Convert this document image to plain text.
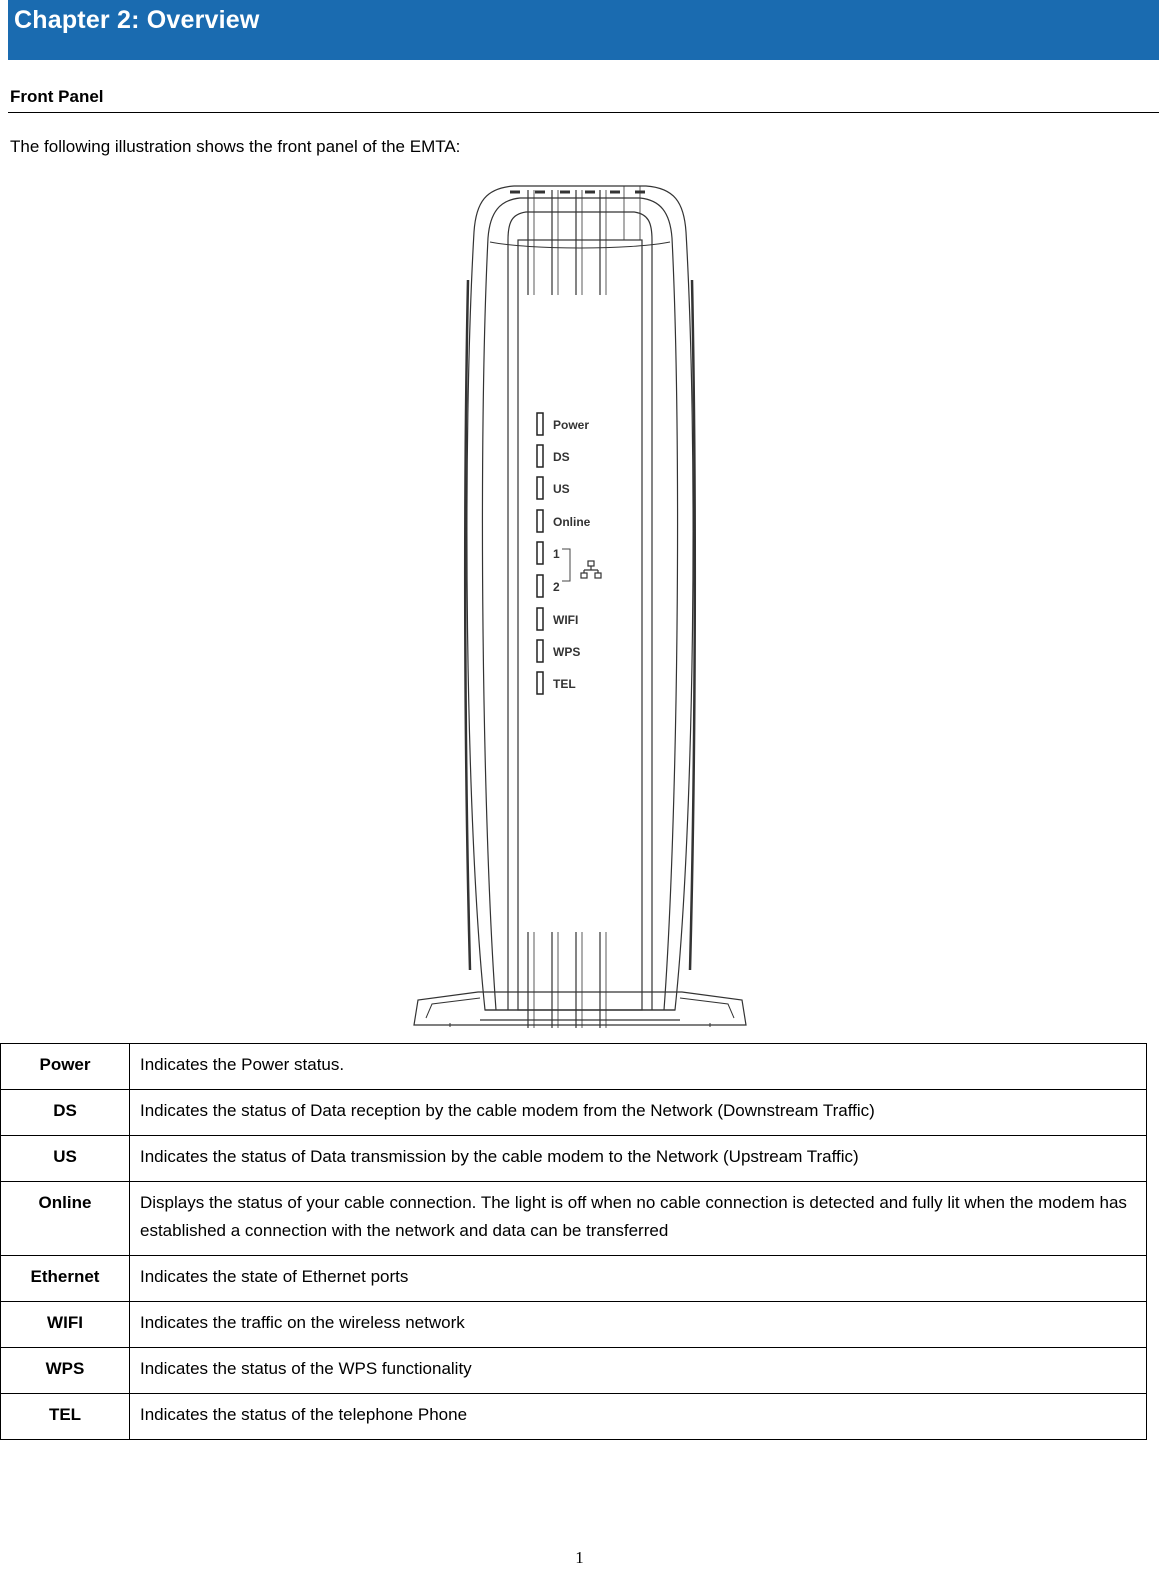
Chapter 2: Overview
Front Panel
The following illustration shows the front panel of the EMTA:
Power
DS
US
Online
1
2
WIFI
WPS
TEL
Power	Indicates the Power status.
DS	Indicates the status of Data reception by the cable modem from the Network (Downstream Traffic)
US	Indicates the status of Data transmission by the cable modem to the Network (Upstream Traffic)
Online	Displays the status of your cable connection. The light is off when no cable connection is detected and fully lit when the modem has established a connection with the network and data can be transferred
Ethernet	Indicates the state of Ethernet ports
WIFI	Indicates the traffic on the wireless network
WPS	Indicates the status of the WPS functionality
TEL	Indicates the status of the telephone Phone
1
